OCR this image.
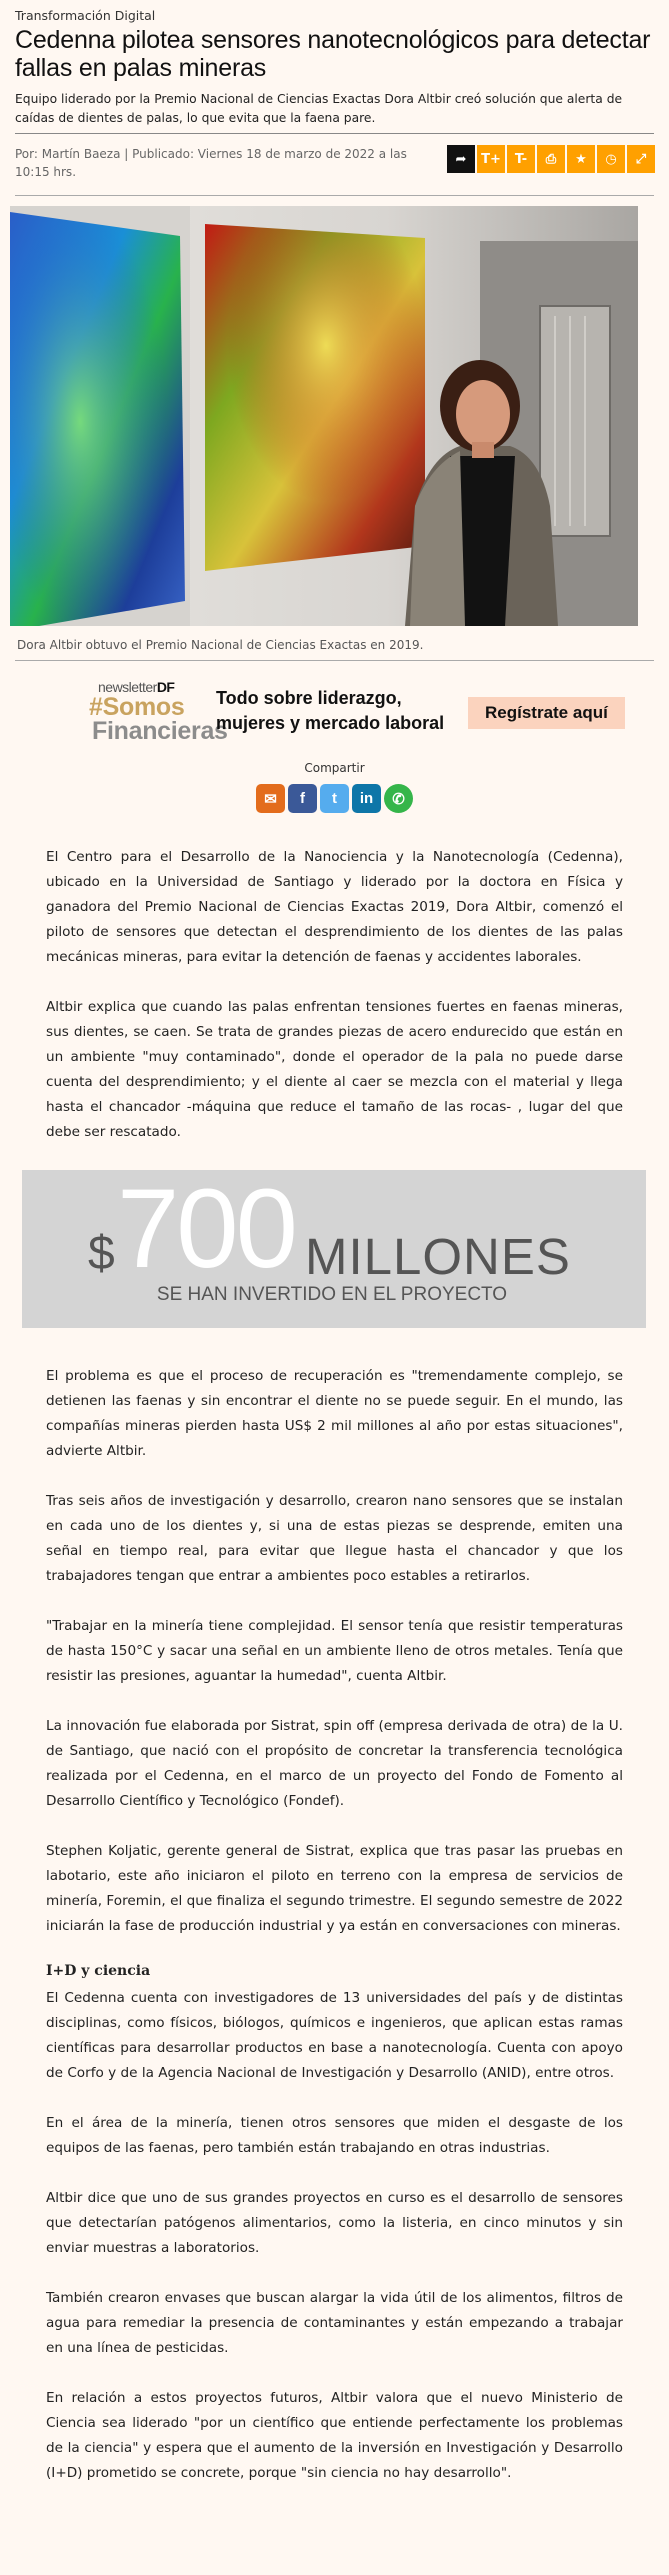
Transformación Digital
Cedenna pilotea sensores nanotecnológicos para detectar fallas en palas mineras
Equipo liderado por la Premio Nacional de Ciencias Exactas Dora Altbir creó solución que alerta de caídas de dientes de palas, lo que evita que la faena pare.
Por: Martín Baeza | Publicado: Viernes 18 de marzo de 2022 a las 10:15 hrs.
➦	T+	T-	⎙	★	◷	⤢
Dora Altbir obtuvo el Premio Nacional de Ciencias Exactas en 2019.
newsletterDF
#Somos
Financieras
Todo sobre liderazgo, mujeres y mercado laboral
Regístrate aquí
Compartir
✉	f	t	in	✆

El Centro para el Desarrollo de la Nanociencia y la Nanotecnología (Cedenna), ubicado en la Universidad de Santiago y liderado por la doctora en Física y ganadora del Premio Nacional de Ciencias Exactas 2019, Dora Altbir, comenzó el piloto de sensores que detectan el desprendimiento de los dientes de las palas mecánicas mineras, para evitar la detención de faenas y accidentes laborales.

Altbir explica que cuando las palas enfrentan tensiones fuertes en faenas mineras, sus dientes, se caen. Se trata de grandes piezas de acero endurecido que están en un ambiente "muy contaminado", donde el operador de la pala no puede darse cuenta del desprendimiento; y el diente al caer se mezcla con el material y llega hasta el chancador -máquina que reduce el tamaño de las rocas- , lugar del que debe ser rescatado.

$ 700 MILLONES
SE HAN INVERTIDO EN EL PROYECTO

El problema es que el proceso de recuperación es "tremendamente complejo, se detienen las faenas y sin encontrar el diente no se puede seguir. En el mundo, las compañías mineras pierden hasta US$ 2 mil millones al año por estas situaciones", advierte Altbir.

Tras seis años de investigación y desarrollo, crearon nano sensores que se instalan en cada uno de los dientes y, si una de estas piezas se desprende, emiten una señal en tiempo real, para evitar que llegue hasta el chancador y que los trabajadores tengan que entrar a ambientes poco estables a retirarlos.

"Trabajar en la minería tiene complejidad. El sensor tenía que resistir temperaturas de hasta 150°C y sacar una señal en un ambiente lleno de otros metales. Tenía que resistir las presiones, aguantar la humedad", cuenta Altbir.

La innovación fue elaborada por Sistrat, spin off (empresa derivada de otra) de la U. de Santiago, que nació con el propósito de concretar la transferencia tecnológica realizada por el Cedenna, en el marco de un proyecto del Fondo de Fomento al Desarrollo Científico y Tecnológico (Fondef).

Stephen Koljatic, gerente general de Sistrat, explica que tras pasar las pruebas en labotario, este año iniciaron el piloto en terreno con la empresa de servicios de minería, Foremin, el que finaliza el segundo trimestre. El segundo semestre de 2022 iniciarán la fase de producción industrial y ya están en conversaciones con mineras.

I+D y ciencia

El Cedenna cuenta con investigadores de 13 universidades del país y de distintas disciplinas, como físicos, biólogos, químicos e ingenieros, que aplican estas ramas científicas para desarrollar productos en base a nanotecnología. Cuenta con apoyo de Corfo y de la Agencia Nacional de Investigación y Desarrollo (ANID), entre otros.

En el área de la minería, tienen otros sensores que miden el desgaste de los equipos de las faenas, pero también están trabajando en otras industrias.

Altbir dice que uno de sus grandes proyectos en curso es el desarrollo de sensores que detectarían patógenos alimentarios, como la listeria, en cinco minutos y sin enviar muestras a laboratorios.

También crearon envases que buscan alargar la vida útil de los alimentos, filtros de agua para remediar la presencia de contaminantes y están empezando a trabajar en una línea de pesticidas.

En relación a estos proyectos futuros, Altbir valora que el nuevo Ministerio de Ciencia sea liderado "por un científico que entiende perfectamente los problemas de la ciencia" y espera que el aumento de la inversión en Investigación y Desarrollo (I+D) prometido se concrete, porque "sin ciencia no hay desarrollo".
